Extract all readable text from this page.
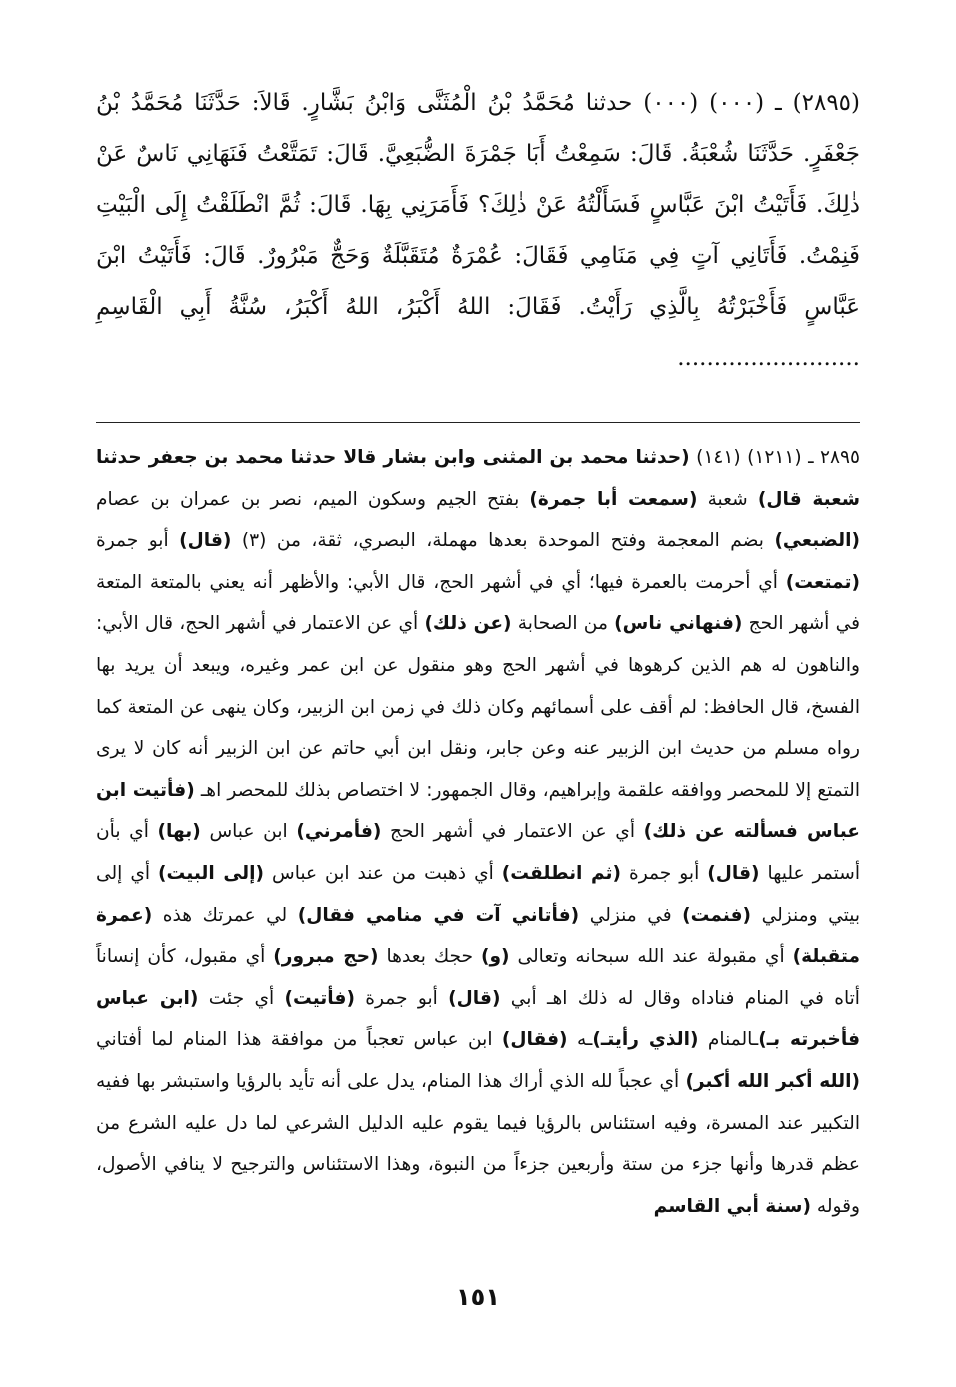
(٢٨٩٥) ـ (٠٠٠) (٠٠٠) حدثنا مُحَمَّدُ بْنُ الْمُثَنَّى وَابْنُ بَشَّارٍ. قَالاَ: حَدَّثَنَا مُحَمَّدُ بْنُ جَعْفَرٍ. حَدَّثَنَا شُعْبَةُ. قَالَ: سَمِعْتُ أَبَا جَمْرَةَ الضُّبَعِيَّ. قَالَ: تَمَتَّعْتُ فَنَهَانِي نَاسٌ عَنْ ذٰلِكَ. فَأَتَيْتُ ابْنَ عَبَّاسٍ فَسَأَلْتُهُ عَنْ ذٰلِكَ؟ فَأَمَرَنِي بِهَا. قَالَ: ثُمَّ انْطَلَقْتُ إِلَى الْبَيْتِ فَنِمْتُ. فَأَتَانِي آتٍ فِي مَنَامِي فَقَالَ: عُمْرَةٌ مُتَقَبَّلَةٌ وَحَجٌّ مَبْرُورٌ. قَالَ: فَأَتَيْتُ ابْنَ عَبَّاسٍ فَأَخْبَرْتُهُ بِالَّذِي رَأَيْتُ. فَقَالَ: اللهُ أَكْبَرُ، اللهُ أَكْبَرُ، سُنَّةُ أَبِي الْقَاسِمِ .........................

٢٨٩٥ ـ (١٢١١) (١٤١) (حدثنا محمد بن المثنى وابن بشار قالا حدثنا محمد بن جعفر حدثنا شعبة قال) شعبة (سمعت أبا جمرة) بفتح الجيم وسكون الميم، نصر بن عمران بن عصام (الضبعي) بضم المعجمة وفتح الموحدة بعدها مهملة، البصري، ثقة، من (٣) (قال) أبو جمرة (تمتعت) أي أحرمت بالعمرة فيها؛ أي في أشهر الحج، قال الأبي: والأظهر أنه يعني بالمتعة المتعة في أشهر الحج (فنهاني ناس) من الصحابة (عن ذلك) أي عن الاعتمار في أشهر الحج، قال الأبي: والناهون له هم الذين كرهوها في أشهر الحج وهو منقول عن ابن عمر وغيره، ويبعد أن يريد بها الفسخ، قال الحافظ: لم أقف على أسمائهم وكان ذلك في زمن ابن الزبير، وكان ينهى عن المتعة كما رواه مسلم من حديث ابن الزبير عنه وعن جابر، ونقل ابن أبي حاتم عن ابن الزبير أنه كان لا يرى التمتع إلا للمحصر ووافقه علقمة وإبراهيم، وقال الجمهور: لا اختصاص بذلك للمحصر اهـ (فأتيت ابن عباس فسألته عن ذلك) أي عن الاعتمار في أشهر الحج (فأمرني) ابن عباس (بها) أي بأن أستمر عليها (قال) أبو جمرة (ثم انطلقت) أي ذهبت من عند ابن عباس (إلى البيت) أي إلى بيتي ومنزلي (فنمت) في منزلي (فأتاني آت في منامي فقال) لي عمرتك هذه (عمرة متقبلة) أي مقبولة عند الله سبحانه وتعالى (و) حجك بعدها (حج مبرور) أي مقبول، كأن إنساناً أتاه في المنام فناداه وقال له ذلك اهـ أبي (قال) أبو جمرة (فأتيت) أي جئت (ابن عباس فأخبرته بـ)ـالمنام (الذي رأيتـ)ـه (فقال) ابن عباس تعجباً من موافقة هذا المنام لما أفتاني (الله أكبر الله أكبر) أي عجباً لله الذي أراك هذا المنام، يدل على أنه تأيد بالرؤيا واستبشر بها ففيه التكبير عند المسرة، وفيه استئناس بالرؤيا فيما يقوم عليه الدليل الشرعي لما دل عليه الشرع من عظم قدرها وأنها جزء من ستة وأربعين جزءاً من النبوة، وهذا الاستئناس والترجيح لا ينافي الأصول، وقوله (سنة أبي القاسم

١٥١
